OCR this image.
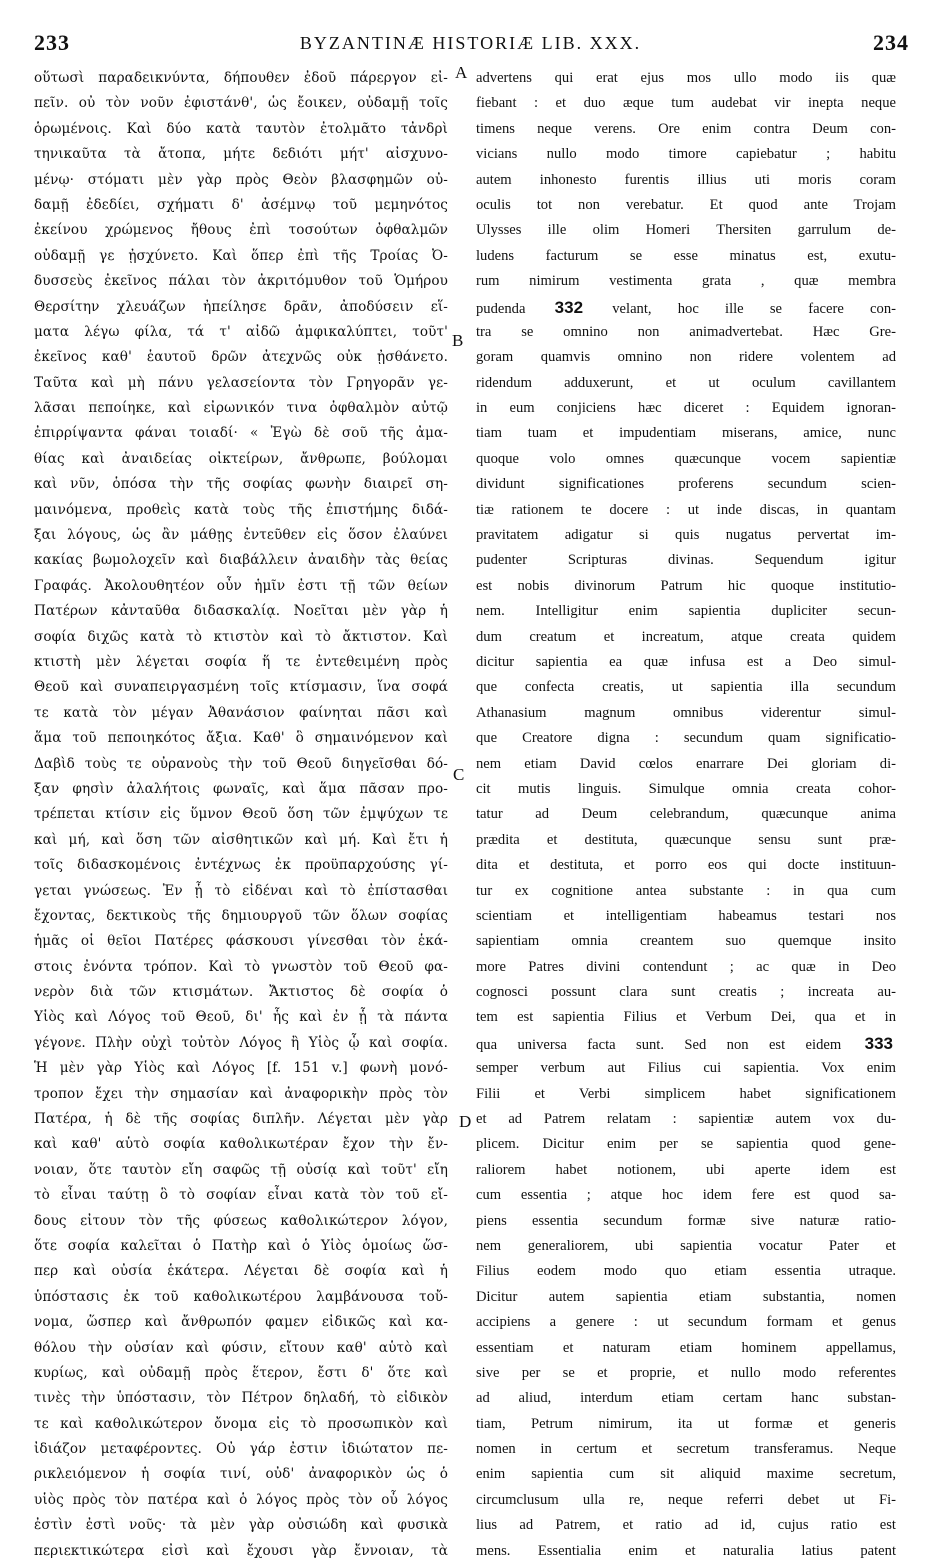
233	BYZANTINÆ HISTORIÆ LIB. XXX.	234
A
B
C
D
οὕτωσὶ παραδεικνύντα, δήπουθεν ἐδοῦ πάρεργον εἰ-
πεῖν. οὐ τὸν νοῦν ἐφιστάνθ', ὡς ἔοικεν, οὐδαμῇ τοῖς
ὁρωμένοις. Καὶ δύο κατὰ ταυτὸν ἐτολμᾶτο τἀνδρὶ
τηνικαῦτα τὰ ἄτοπα, μήτε δεδιότι μήτ' αἰσχυνο-
μένῳ· στόματι μὲν γὰρ πρὸς Θεὸν βλασφημῶν οὐ-
δαμῇ ἐδεδίει, σχήματι δ' ἀσέμνῳ τοῦ μεμηνότος
ἐκείνου χρώμενος ἤθους ἐπὶ τοσούτων ὀφθαλμῶν
οὐδαμῇ γε ᾐσχύνετο. Καὶ ὅπερ ἐπὶ τῆς Τροίας Ὀ-
δυσσεὺς ἐκεῖνος πάλαι τὸν ἀκριτόμυθον τοῦ Ὁμήρου
Θερσίτην χλευάζων ἠπείλησε δρᾶν, ἀποδύσειν εἵ-
ματα λέγω φίλα, τά τ' αἰδῶ ἀμφικαλύπτει, τοῦτ'
ἐκεῖνος καθ' ἑαυτοῦ δρῶν ἀτεχνῶς οὐκ ᾐσθάνετο.
Ταῦτα καὶ μὴ πάνυ γελασείοντα τὸν Γρηγορᾶν γε-
λᾶσαι πεποίηκε, καὶ εἰρωνικόν τινα ὀφθαλμὸν αὐτῷ
ἐπιρρίψαντα φάναι τοιαδί· « Ἐγὼ δὲ σοῦ τῆς ἀμα-
θίας καὶ ἀναιδείας οἰκτείρων, ἄνθρωπε, βούλομαι
καὶ νῦν, ὁπόσα τὴν τῆς σοφίας φωνὴν διαιρεῖ ση-
μαινόμενα, προθεὶς κατὰ τοὺς τῆς ἐπιστήμης διδά-
ξαι λόγους, ὡς ἂν μάθῃς ἐντεῦθεν εἰς ὅσον ἐλαύνει
κακίας βωμολοχεῖν καὶ διαβάλλειν ἀναιδὴν τὰς θείας
Γραφάς. Ἀκολουθητέον οὖν ἡμῖν ἐστι τῇ τῶν θείων
Πατέρων κἀνταῦθα διδασκαλίᾳ. Νοεῖται μὲν γὰρ ἡ
σοφία διχῶς κατὰ τὸ κτιστὸν καὶ τὸ ἄκτιστον. Καὶ
κτιστὴ μὲν λέγεται σοφία ἥ τε ἐντεθειμένη πρὸς
Θεοῦ καὶ συναπειργασμένη τοῖς κτίσμασιν, ἵνα σοφά
τε κατὰ τὸν μέγαν Ἀθανάσιον φαίνηται πᾶσι καὶ
ἅμα τοῦ πεποιηκότος ἄξια. Καθ' ὃ σημαινόμενον καὶ
Δαβὶδ τοὺς τε οὐρανοὺς τὴν τοῦ Θεοῦ διηγεῖσθαι δό-
ξαν φησὶν ἀλαλήτοις φωναῖς, καὶ ἅμα πᾶσαν προ-
τρέπεται κτίσιν εἰς ὕμνον Θεοῦ ὅση τῶν ἐμψύχων τε
καὶ μή, καὶ ὅση τῶν αἰσθητικῶν καὶ μή. Καὶ ἔτι ἡ
τοῖς διδασκομένοις ἐντέχνως ἐκ προϋπαρχούσης γί-
γεται γνώσεως. Ἐν ᾗ τὸ εἰδέναι καὶ τὸ ἐπίστασθαι
ἔχοντας, δεκτικοὺς τῆς δημιουργοῦ τῶν ὅλων σοφίας
ἡμᾶς οἱ θεῖοι Πατέρες φάσκουσι γίνεσθαι τὸν ἑκά-
στοις ἐνόντα τρόπον. Καὶ τὸ γνωστὸν τοῦ Θεοῦ φα-
νερὸν διὰ τῶν κτισμάτων. Ἄκτιστος δὲ σοφία ὁ
Υἱὸς καὶ Λόγος τοῦ Θεοῦ, δι' ἧς καὶ ἐν ᾗ τὰ πάντα
γέγονε. Πλὴν οὐχὶ τοὐτὸν Λόγος ἢ Υἱὸς ᾧ καὶ σοφία.
Ἡ μὲν γὰρ Υἱὸς καὶ Λόγος [f. 151 v.] φωνὴ μονό-
τροπον ἔχει τὴν σημασίαν καὶ ἀναφορικὴν πρὸς τὸν
Πατέρα, ἡ δὲ τῆς σοφίας διπλῆν. Λέγεται μὲν γὰρ
καὶ καθ' αὑτὸ σοφία καθολικωτέραν ἔχον τὴν ἔν-
νοιαν, ὅτε ταυτὸν εἴη σαφῶς τῇ οὐσίᾳ καὶ τοῦτ' εἴη
τὸ εἶναι ταύτῃ ὃ τὸ σοφίαν εἶναι κατὰ τὸν τοῦ εἴ-
δους εἰτουν τὸν τῆς φύσεως καθολικώτερον λόγον,
ὅτε σοφία καλεῖται ὁ Πατὴρ καὶ ὁ Υἱὸς ὁμοίως ὥσ-
περ καὶ οὐσία ἑκάτερα. Λέγεται δὲ σοφία καὶ ἡ
ὑπόστασις ἐκ τοῦ καθολικωτέρου λαμβάνουσα τοὔ-
νομα, ὥσπερ καὶ ἄνθρωπόν φαμεν εἰδικῶς καὶ κα-
θόλου τὴν οὐσίαν καὶ φύσιν, εἴτουν καθ' αὑτὸ καὶ
κυρίως, καὶ οὐδαμῇ πρὸς ἕτερον, ἔστι δ' ὅτε καὶ
τινὲς τὴν ὑπόστασιν, τὸν Πέτρον δηλαδή, τὸ εἰδικὸν
τε καὶ καθολικώτερον ὄνομα εἰς τὸ προσωπικὸν καὶ
ἰδιάζον μεταφέροντες. Οὐ γάρ ἐστιν ἰδιώτατον πε-
ρικλειόμενον ἡ σοφία τινί, οὐδ' ἀναφορικὸν ὡς ὁ
υἱὸς πρὸς τὸν πατέρα καὶ ὁ λόγος πρὸς τὸν οὗ λόγος
ἐστὶν ἐστὶ νοῦς· τὰ μὲν γὰρ οὐσιώδη καὶ φυσικὰ
περιεκτικώτερα εἰσὶ καὶ ἔχουσι γὰρ ἔννοιαν, τὰ
advertens qui erat ejus mos ullo modo iis quæ
fiebant : et duo æque tum audebat vir inepta neque
timens neque verens. Ore enim contra Deum con-
vicians nullo modo timore capiebatur ; habitu
autem inhonesto furentis illius uti moris coram
oculis tot non verebatur. Et quod ante Trojam
Ulysses ille olim Homeri Thersiten garrulum de-
ludens facturum se esse minatus est, exutu-
rum nimirum vestimenta grata , quæ membra
pudenda 332 velant, hoc ille se facere con-
tra se omnino non animadvertebat. Hæc Gre-
goram quamvis omnino non ridere volentem ad
ridendum adduxerunt, et ut oculum cavillantem
in eum conjiciens hæc diceret : Equidem ignoran-
tiam tuam et impudentiam miserans, amice, nunc
quoque volo omnes quæcunque vocem sapientiæ
dividunt significationes proferens secundum scien-
tiæ rationem te docere : ut inde discas, in quantam
pravitatem adigatur si quis nugatus pervertat im-
pudenter Scripturas divinas. Sequendum igitur
est nobis divinorum Patrum hic quoque institutio-
nem. Intelligitur enim sapientia dupliciter secun-
dum creatum et increatum, atque creata quidem
dicitur sapientia ea quæ infusa est a Deo simul-
que confecta creatis, ut sapientia illa secundum
Athanasium magnum omnibus viderentur simul-
que Creatore digna : secundum quam significatio-
nem etiam David cœlos enarrare Dei gloriam di-
cit mutis linguis. Simulque omnia creata cohor-
tatur ad Deum celebrandum, quæcunque anima
prædita et destituta, quæcunque sensu sunt præ-
dita et destituta, et porro eos qui docte instituun-
tur ex cognitione antea substante : in qua cum
scientiam et intelligentiam habeamus testari nos
sapientiam omnia creantem suo quemque insito
more Patres divini contendunt ; ac quæ in Deo
cognosci possunt clara sunt creatis ; increata au-
tem est sapientia Filius et Verbum Dei, qua et in
qua universa facta sunt. Sed non est eidem 333
semper verbum aut Filius cui sapientia. Vox enim
Filii et Verbi simplicem habet significationem
et ad Patrem relatam : sapientiæ autem vox du-
plicem. Dicitur enim per se sapientia quod gene-
raliorem habet notionem, ubi aperte idem est
cum essentia ; atque hoc idem fere est quod sa-
piens essentia secundum formæ sive naturæ ratio-
nem generaliorem, ubi sapientia vocatur Pater et
Filius eodem modo quo etiam essentia utraque.
Dicitur autem sapientia etiam substantia, nomen
accipiens a genere : ut secundum formam et genus
essentiam et naturam etiam hominem appellamus,
sive per se et proprie, et nullo modo referentes
ad aliud, interdum etiam certam hanc substan-
tiam, Petrum nimirum, ita ut formæ et generis
nomen in certum et secretum transferamus. Neque
enim sapientia cum sit aliquid maxime secretum,
circumclusum ulla re, neque referri debet ut Fi-
lius ad Patrem, et ratio ad id, cujus ratio est
mens. Essentialia enim et naturalia latius patent
